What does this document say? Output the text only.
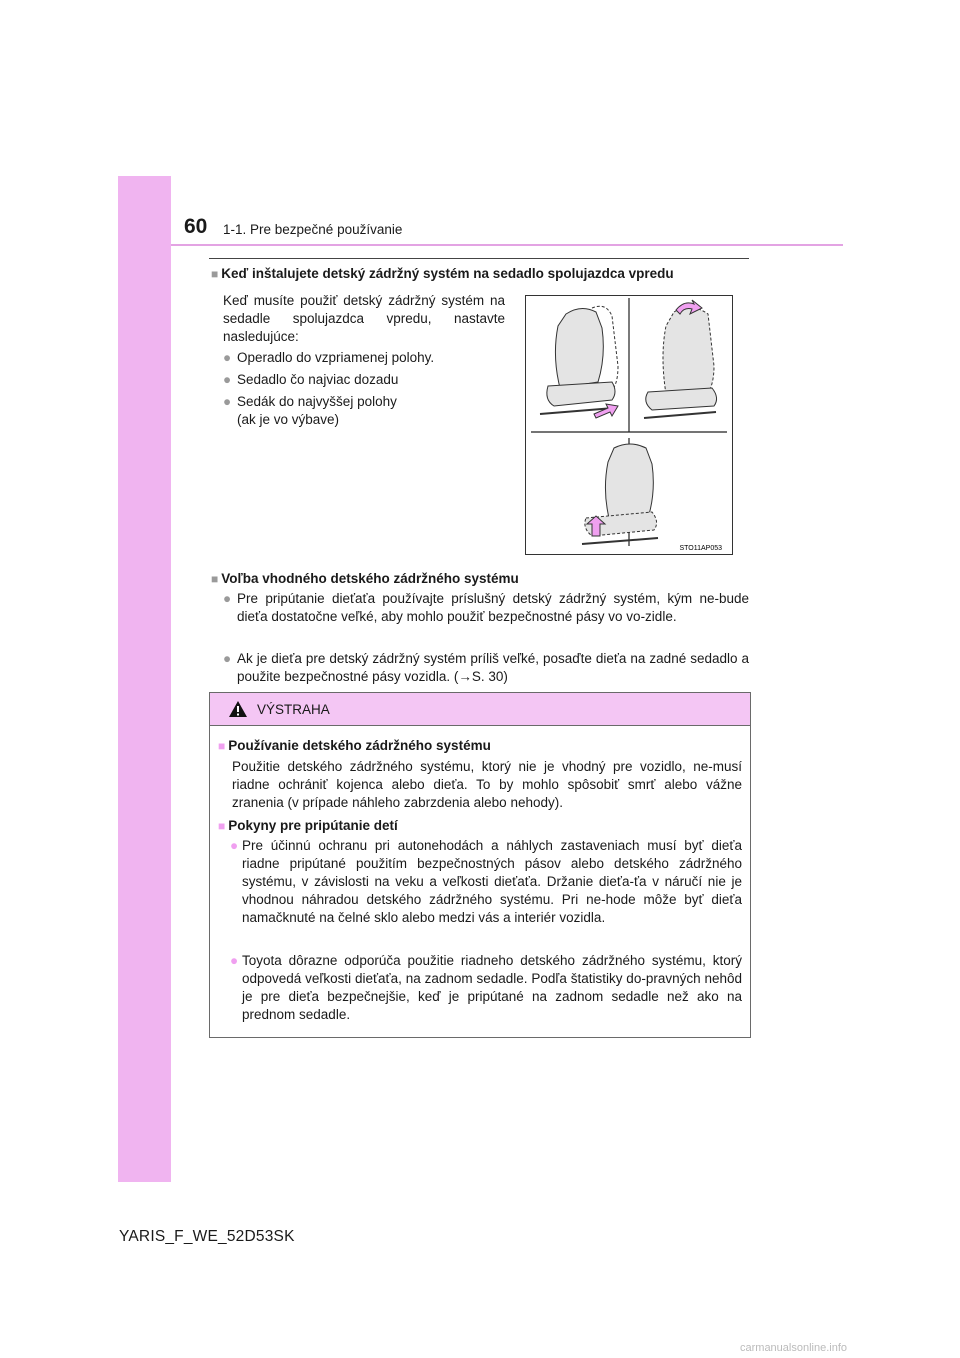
60 1-1. Pre bezpečné používanie
■ Keď inštalujete detský zádržný systém na sedadlo spolujazdca vpredu
Keď musíte použiť detský zádržný systém na sedadle spolujazdca vpredu, nastavte nasledujúce:
● Operadlo do vzpriamenej polohy.
● Sedadlo čo najviac dozadu
● Sedák do najvyššej polohy
(ak je vo výbave)
STO11AP053
■ Voľba vhodného detského zádržného systému
● Pre pripútanie dieťaťa používajte príslušný detský zádržný systém, kým ne-bude dieťa dostatočne veľké, aby mohlo použiť bezpečnostné pásy vo vo-zidle.
● Ak je dieťa pre detský zádržný systém príliš veľké, posaďte dieťa na zadné sedadlo a použite bezpečnostné pásy vozidla. (→S. 30)
VÝSTRAHA
■ Používanie detského zádržného systému
Použitie detského zádržného systému, ktorý nie je vhodný pre vozidlo, ne-musí riadne ochrániť kojenca alebo dieťa. To by mohlo spôsobiť smrť alebo vážne zranenia (v prípade náhleho zabrzdenia alebo nehody).
■ Pokyny pre pripútanie detí
● Pre účinnú ochranu pri autonehodách a náhlych zastaveniach musí byť dieťa riadne pripútané použitím bezpečnostných pásov alebo detského zádržného systému, v závislosti na veku a veľkosti dieťaťa. Držanie dieťa-ťa v náručí nie je vhodnou náhradou detského zádržného systému. Pri ne-hode môže byť dieťa namačknuté na čelné sklo alebo medzi vás a interiér vozidla.
● Toyota dôrazne odporúča použitie riadneho detského zádržného systému, ktorý odpovedá veľkosti dieťaťa, na zadnom sedadle. Podľa štatistiky do-pravných nehôd je pre dieťa bezpečnejšie, keď je pripútané na zadnom sedadle než ako na prednom sedadle.
YARIS_F_WE_52D53SK
carmanualsonline.info
